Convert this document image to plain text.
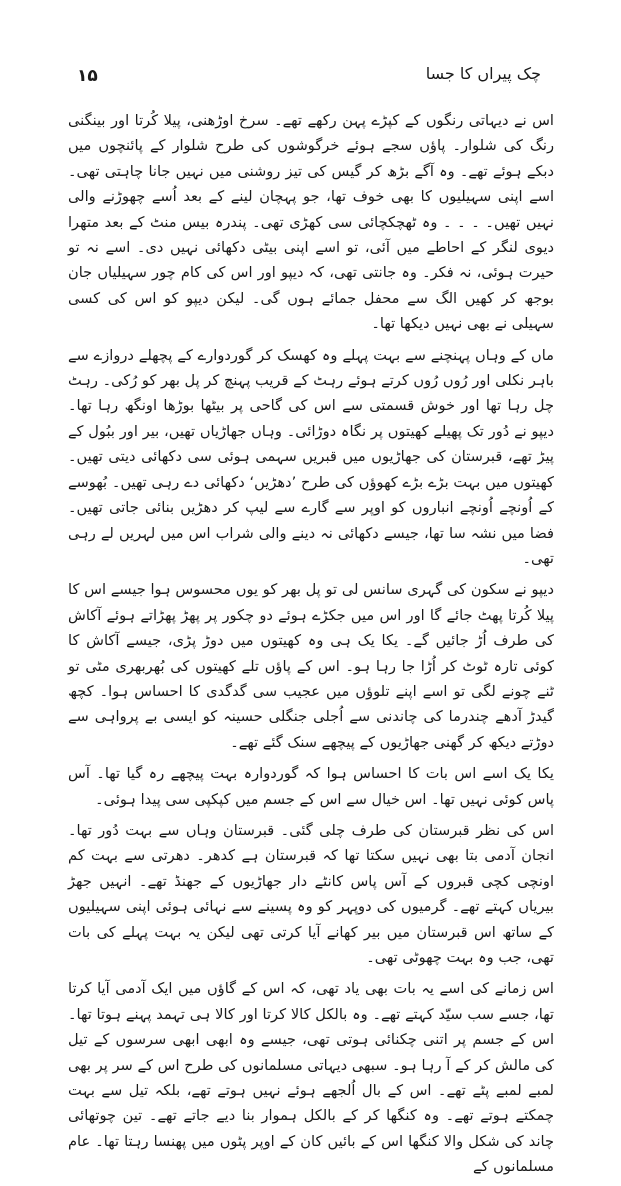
۱۵	چک پیراں کا جسا

اس نے دیہاتی رنگوں کے کپڑے پہن رکھے تھے۔ سرخ اوڑھنی، پیلا کُرتا اور بینگنی رنگ کی شلوار۔ پاؤں سجے ہوئے خرگوشوں کی طرح شلوار کے پائنچوں میں دبکے ہوئے تھے۔ وہ آگے بڑھ کر گیس کی تیز روشنی میں نہیں جانا چاہتی تھی۔ اسے اپنی سہیلیوں کا بھی خوف تھا، جو پہچان لینے کے بعد اُسے چھوڑنے والی نہیں تھیں۔ ۔ ۔ ۔ وہ ٹھچکچائی سی کھڑی تھی۔ پندرہ بیس منٹ کے بعد متھرا دیوی لنگر کے احاطے میں آئی، تو اسے اپنی بیٹی دکھائی نہیں دی۔ اسے نہ تو حیرت ہوئی، نہ فکر۔ وہ جانتی تھی، کہ دیپو اور اس کی کام چور سہیلیاں جان بوجھ کر کھیں الگ سے محفل جمائے ہوں گی۔ لیکن دیپو کو اس کی کسی سہیلی نے بھی نہیں دیکھا تھا۔

ماں کے وہاں پہنچنے سے بہت پہلے وہ کھسک کر گوردوارے کے پچھلے دروازے سے باہر نکلی اور رُوں رُوں کرتے ہوئے رہٹ کے قریب پہنچ کر پل بھر کو رُکی۔ رہٹ چل رہا تھا اور خوش قسمتی سے اس کی گاحی پر بیٹھا بوڑھا اونگھ رہا تھا۔ دیپو نے دُور تک پھیلے کھیتوں پر نگاہ دوڑائی۔ وہاں جھاڑیاں تھیں، بیر اور ببُول کے پیڑ تھے، قبرستان کی جھاڑیوں میں قبریں سہمی ہوئی سی دکھائی دیتی تھیں۔ کھیتوں میں بہت بڑے بڑے کھوؤں کی طرح ’دھڑیں‘ دکھائی دے رہی تھیں۔ بُھوسے کے اُونچے اُونچے انباروں کو اوپر سے گارے سے لیپ کر دھڑیں بنائی جاتی تھیں۔ فضا میں نشہ سا تھا، جیسے دکھائی نہ دینے والی شراب اس میں لہریں لے رہی تھی۔

دیپو نے سکون کی گہری سانس لی تو پل بھر کو یوں محسوس ہوا جیسے اس کا پیلا کُرتا پھٹ جائے گا اور اس میں جکڑے ہوئے دو چکور پر پھڑ پھڑاتے ہوئے آکاش کی طرف اُڑ جائیں گے۔ یکا یک ہی وہ کھیتوں میں دوڑ پڑی، جیسے آکاش کا کوئی تارہ ٹوٹ کر اُڑا جا رہا ہو۔ اس کے پاؤں تلے کھیتوں کی بُھربھری مٹی تو ٹنے چونے لگی تو اسے اپنے تلوؤں میں عجیب سی گدگدی کا احساس ہوا۔ کچھ گیدڑ آدھے چندرما کی چاندنی سے اُجلی جنگلی حسینہ کو ایسی بے پرواہی سے دوڑتے دیکھ کر گھنی جھاڑیوں کے پیچھے سنک گئے تھے۔

یکا یک اسے اس بات کا احساس ہوا کہ گوردوارہ بہت پیچھے رہ گیا تھا۔ آس پاس کوئی نہیں تھا۔ اس خیال سے اس کے جسم میں کپکپی سی پیدا ہوئی۔

اس کی نظر قبرستان کی طرف چلی گئی۔ قبرستان وہاں سے بہت دُور تھا۔ انجان آدمی بتا بھی نہیں سکتا تھا کہ قبرستان ہے کدھر۔ دھرتی سے بہت کم اونچی کچی قبروں کے آس پاس کانٹے دار جھاڑیوں کے جھنڈ تھے۔ انہیں جھڑ بیریاں کہتے تھے۔ گرمیوں کی دوپہر کو وہ پسینے سے نہائی ہوئی اپنی سہیلیوں کے ساتھ اس قبرستان میں بیر کھانے آیا کرتی تھی لیکن یہ بہت پہلے کی بات تھی، جب وہ بہت چھوٹی تھی۔

اس زمانے کی اسے یہ بات بھی یاد تھی، کہ اس کے گاؤں میں ایک آدمی آیا کرتا تھا، جسے سب سیّد کہتے تھے۔ وہ بالکل کالا کرتا اور کالا ہی تہمد پہنے ہوتا تھا۔ اس کے جسم پر اتنی چکنائی ہوتی تھی، جیسے وہ ابھی ابھی سرسوں کے تیل کی مالش کر کے آ رہا ہو۔ سبھی دیہاتی مسلمانوں کی طرح اس کے سر پر بھی لمبے لمبے پٹے تھے۔ اس کے بال اُلجھے ہوئے نہیں ہوتے تھے، بلکہ تیل سے بہت چمکتے ہوتے تھے۔ وہ کنگھا کر کے بالکل ہموار بنا دیے جاتے تھے۔ تین چوتھائی چاند کی شکل والا کنگھا اس کے بائیں کان کے اوپر پٹوں میں پھنسا رہتا تھا۔ عام مسلمانوں کے
